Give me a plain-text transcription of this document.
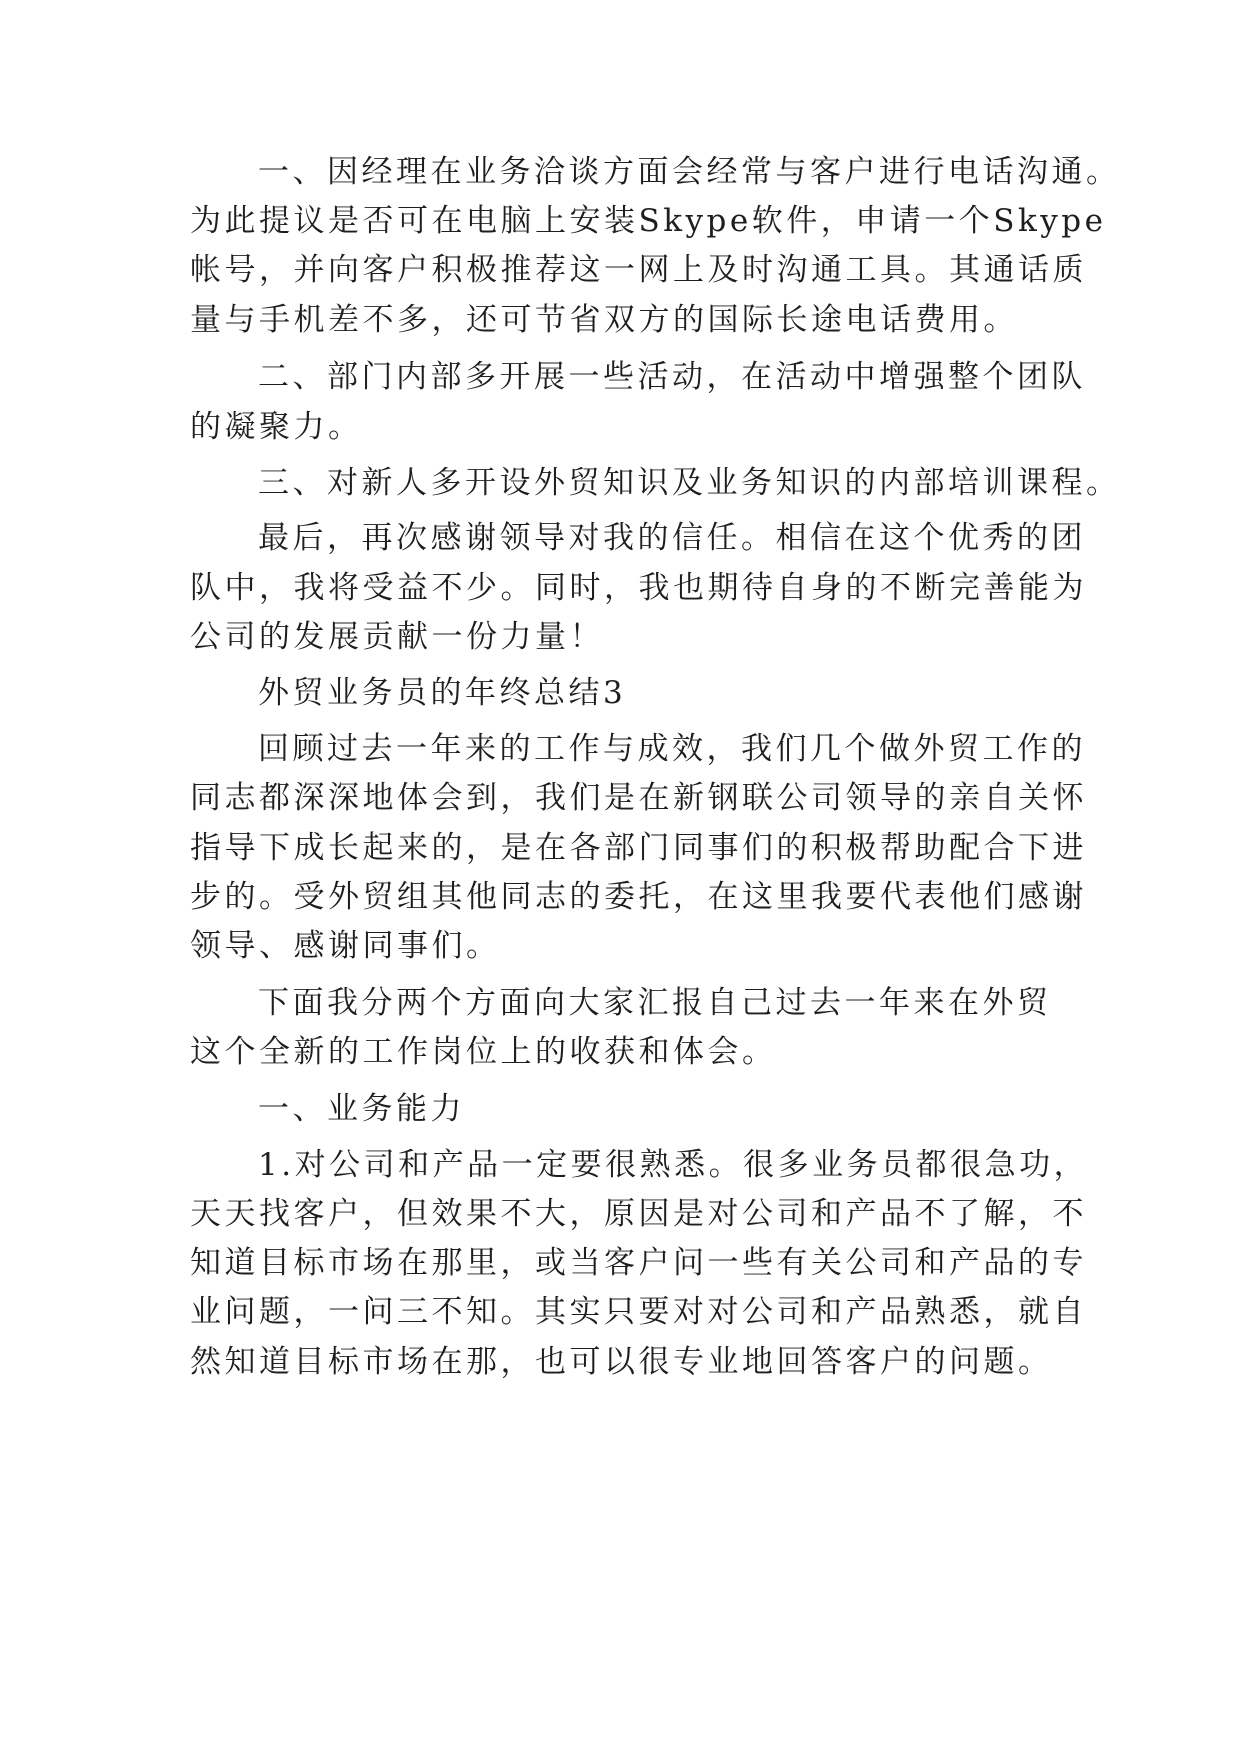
一、因经理在业务洽谈方面会经常与客户进行电话沟通。
为此提议是否可在电脑上安装Skype软件，申请一个Skype
帐号，并向客户积极推荐这一网上及时沟通工具。其通话质
量与手机差不多，还可节省双方的国际长途电话费用。
二、部门内部多开展一些活动，在活动中增强整个团队
的凝聚力。
三、对新人多开设外贸知识及业务知识的内部培训课程。
最后，再次感谢领导对我的信任。相信在这个优秀的团
队中，我将受益不少。同时，我也期待自身的不断完善能为
公司的发展贡献一份力量！
外贸业务员的年终总结3
回顾过去一年来的工作与成效，我们几个做外贸工作的
同志都深深地体会到，我们是在新钢联公司领导的亲自关怀
指导下成长起来的，是在各部门同事们的积极帮助配合下进
步的。受外贸组其他同志的委托，在这里我要代表他们感谢
领导、感谢同事们。
下面我分两个方面向大家汇报自己过去一年来在外贸
这个全新的工作岗位上的收获和体会。
一、业务能力
1.对公司和产品一定要很熟悉。很多业务员都很急功，
天天找客户，但效果不大，原因是对公司和产品不了解，不
知道目标市场在那里，或当客户问一些有关公司和产品的专
业问题，一问三不知。其实只要对对公司和产品熟悉，就自
然知道目标市场在那，也可以很专业地回答客户的问题。
